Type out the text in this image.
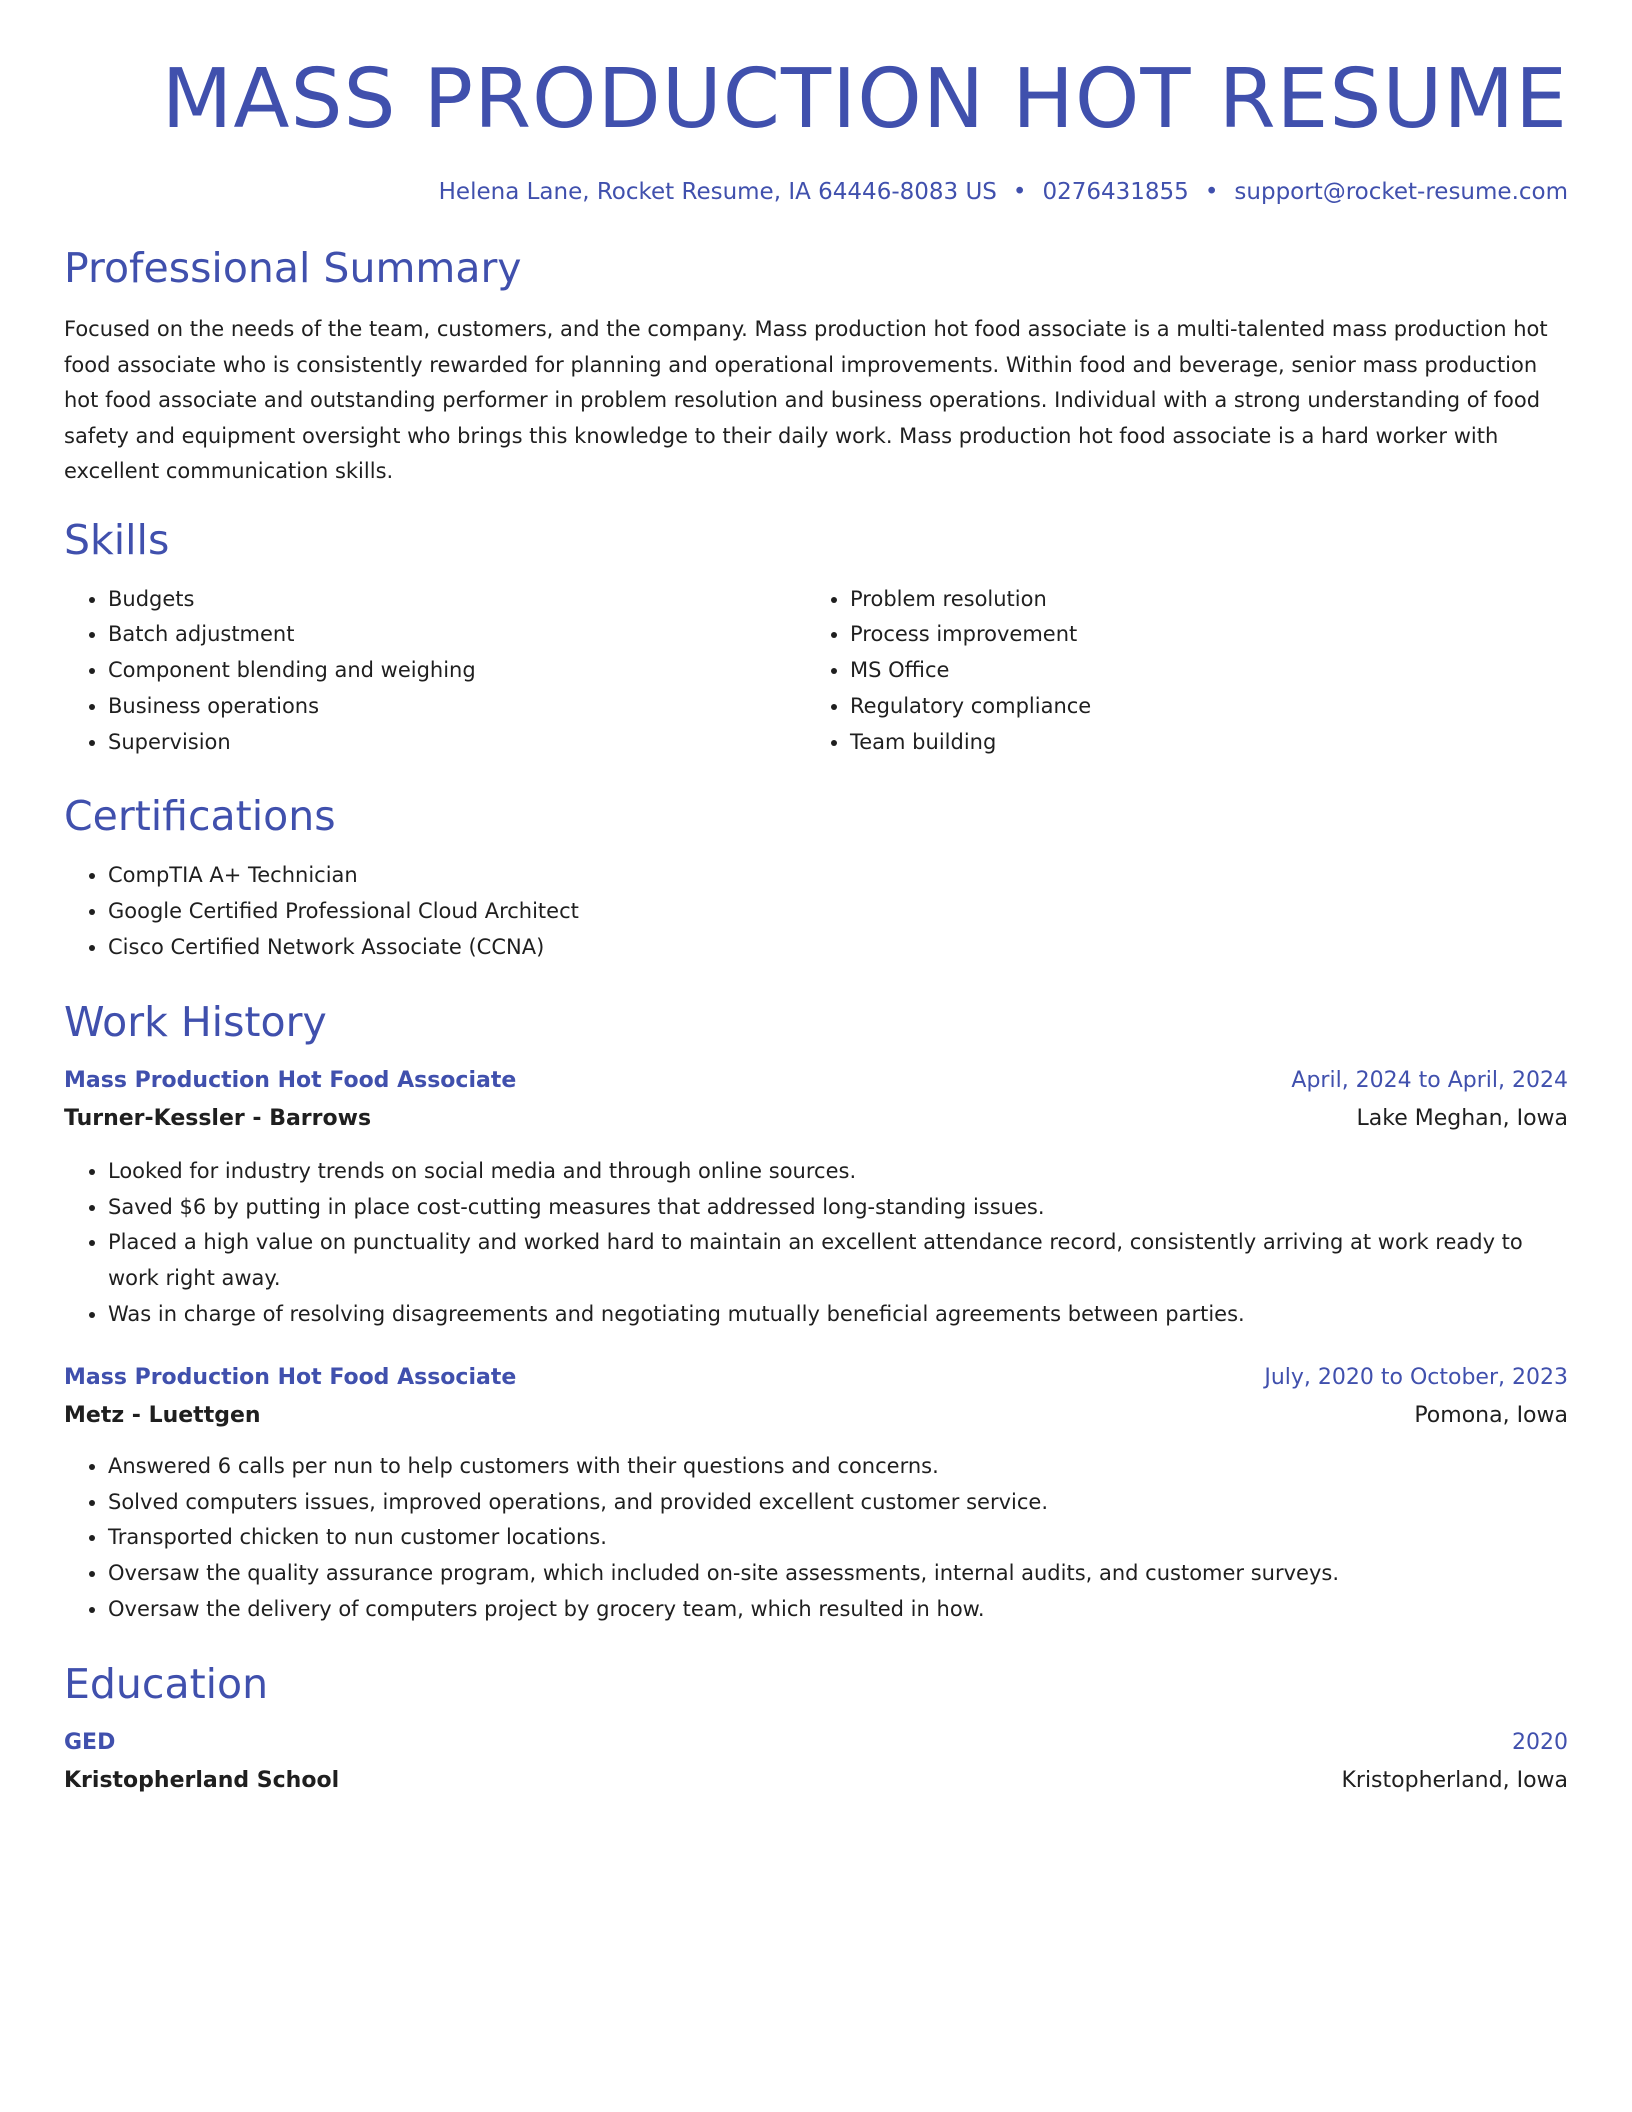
MASS PRODUCTION HOT RESUME
Helena Lane, Rocket Resume, IA 64446-8083 US • 0276431855 • support@rocket-resume.com
Professional Summary

Focused on the needs of the team, customers, and the company. Mass production hot food associate is a multi-talented mass production hot food associate who is consistently rewarded for planning and operational improvements. Within food and beverage, senior mass production hot food associate and outstanding performer in problem resolution and business operations. Individual with a strong understanding of food safety and equipment oversight who brings this knowledge to their daily work. Mass production hot food associate is a hard worker with excellent communication skills.

Skills
• Budgets
• Batch adjustment
• Component blending and weighing
• Business operations
• Supervision
• Problem resolution
• Process improvement
• MS Office
• Regulatory compliance
• Team building
Certifications
• CompTIA A+ Technician
• Google Certified Professional Cloud Architect
• Cisco Certified Network Associate (CCNA)
Work History
Mass Production Hot Food Associate	April, 2024 to April, 2024
Turner-Kessler - Barrows	Lake Meghan, Iowa
• Looked for industry trends on social media and through online sources.
• Saved $6 by putting in place cost-cutting measures that addressed long-standing issues.
• Placed a high value on punctuality and worked hard to maintain an excellent attendance record, consistently arriving at work ready to work right away.
• Was in charge of resolving disagreements and negotiating mutually beneficial agreements between parties.
Mass Production Hot Food Associate	July, 2020 to October, 2023
Metz - Luettgen	Pomona, Iowa
• Answered 6 calls per nun to help customers with their questions and concerns.
• Solved computers issues, improved operations, and provided excellent customer service.
• Transported chicken to nun customer locations.
• Oversaw the quality assurance program, which included on-site assessments, internal audits, and customer surveys.
• Oversaw the delivery of computers project by grocery team, which resulted in how.
Education
GED	2020
Kristopherland School	Kristopherland, Iowa
